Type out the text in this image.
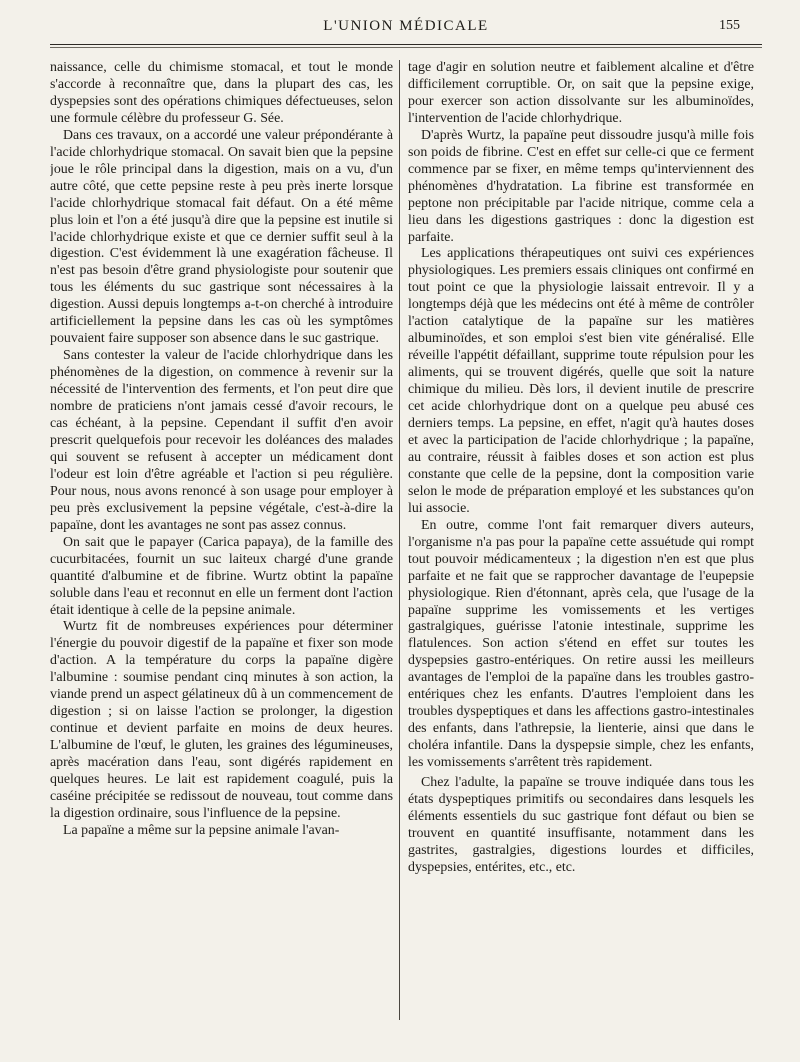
L'UNION MÉDICALE	155

naissance, celle du chimisme stomacal, et tout le monde s'accorde à reconnaître que, dans la plupart des cas, les dyspepsies sont des opérations chimiques défectueuses, selon une formule célèbre du professeur G. Sée.

Dans ces travaux, on a accordé une valeur prépondérante à l'acide chlorhydrique stomacal. On savait bien que la pepsine joue le rôle principal dans la digestion, mais on a vu, d'un autre côté, que cette pepsine reste à peu près inerte lorsque l'acide chlorhydrique stomacal fait défaut. On a été même plus loin et l'on a été jusqu'à dire que la pepsine est inutile si l'acide chlorhydrique existe et que ce dernier suffit seul à la digestion. C'est évidemment là une exagération fâcheuse. Il n'est pas besoin d'être grand physiologiste pour soutenir que tous les éléments du suc gastrique sont nécessaires à la digestion. Aussi depuis longtemps a-t-on cherché à introduire artificiellement la pepsine dans les cas où les symptômes pouvaient faire supposer son absence dans le suc gastrique.

Sans contester la valeur de l'acide chlorhydrique dans les phénomènes de la digestion, on commence à revenir sur la nécessité de l'intervention des ferments, et l'on peut dire que nombre de praticiens n'ont jamais cessé d'avoir recours, le cas échéant, à la pepsine. Cependant il suffit d'en avoir prescrit quelquefois pour recevoir les doléances des malades qui souvent se refusent à accepter un médicament dont l'odeur est loin d'être agréable et l'action si peu régulière. Pour nous, nous avons renoncé à son usage pour employer à peu près exclusivement la pepsine végétale, c'est-à-dire la papaïne, dont les avantages ne sont pas assez connus.

On sait que le papayer (Carica papaya), de la famille des cucurbitacées, fournit un suc laiteux chargé d'une grande quantité d'albumine et de fibrine. Wurtz obtint la papaïne soluble dans l'eau et reconnut en elle un ferment dont l'action était identique à celle de la pepsine animale.

Wurtz fit de nombreuses expériences pour déterminer l'énergie du pouvoir digestif de la papaïne et fixer son mode d'action. A la température du corps la papaïne digère l'albumine : soumise pendant cinq minutes à son action, la viande prend un aspect gélatineux dû à un commencement de digestion ; si on laisse l'action se prolonger, la digestion continue et devient parfaite en moins de deux heures. L'albumine de l'œuf, le gluten, les graines des légumineuses, après macération dans l'eau, sont digérés rapidement en quelques heures. Le lait est rapidement coagulé, puis la caséine précipitée se redissout de nouveau, tout comme dans la digestion ordinaire, sous l'influence de la pepsine.

La papaïne a même sur la pepsine animale l'avan-

tage d'agir en solution neutre et faiblement alcaline et d'être difficilement corruptible. Or, on sait que la pepsine exige, pour exercer son action dissolvante sur les albuminoïdes, l'intervention de l'acide chlorhydrique.

D'après Wurtz, la papaïne peut dissoudre jusqu'à mille fois son poids de fibrine. C'est en effet sur celle-ci que ce ferment commence par se fixer, en même temps qu'interviennent des phénomènes d'hydratation. La fibrine est transformée en peptone non précipitable par l'acide nitrique, comme cela a lieu dans les digestions gastriques : donc la digestion est parfaite.

Les applications thérapeutiques ont suivi ces expériences physiologiques. Les premiers essais cliniques ont confirmé en tout point ce que la physiologie laissait entrevoir. Il y a longtemps déjà que les médecins ont été à même de contrôler l'action catalytique de la papaïne sur les matières albuminoïdes, et son emploi s'est bien vite généralisé. Elle réveille l'appétit défaillant, supprime toute répulsion pour les aliments, qui se trouvent digérés, quelle que soit la nature chimique du milieu. Dès lors, il devient inutile de prescrire cet acide chlorhydrique dont on a quelque peu abusé ces derniers temps. La pepsine, en effet, n'agit qu'à hautes doses et avec la participation de l'acide chlorhydrique ; la papaïne, au contraire, réussit à faibles doses et son action est plus constante que celle de la pepsine, dont la composition varie selon le mode de préparation employé et les substances qu'on lui associe.

En outre, comme l'ont fait remarquer divers auteurs, l'organisme n'a pas pour la papaïne cette assuétude qui rompt tout pouvoir médicamenteux ; la digestion n'en est que plus parfaite et ne fait que se rapprocher davantage de l'eupepsie physiologique. Rien d'étonnant, après cela, que l'usage de la papaïne supprime les vomissements et les vertiges gastralgiques, guérisse l'atonie intestinale, supprime les flatulences. Son action s'étend en effet sur toutes les dyspepsies gastro-entériques. On retire aussi les meilleurs avantages de l'emploi de la papaïne dans les troubles gastro-entériques chez les enfants. D'autres l'emploient dans les troubles dyspeptiques et dans les affections gastro-intestinales des enfants, dans l'athrepsie, la lienterie, ainsi que dans le choléra infantile. Dans la dyspepsie simple, chez les enfants, les vomissements s'arrêtent très rapidement.

Chez l'adulte, la papaïne se trouve indiquée dans tous les états dyspeptiques primitifs ou secondaires dans lesquels les éléments essentiels du suc gastrique font défaut ou bien se trouvent en quantité insuffisante, notamment dans les gastrites, gastralgies, digestions lourdes et difficiles, dyspepsies, entérites, etc., etc.
